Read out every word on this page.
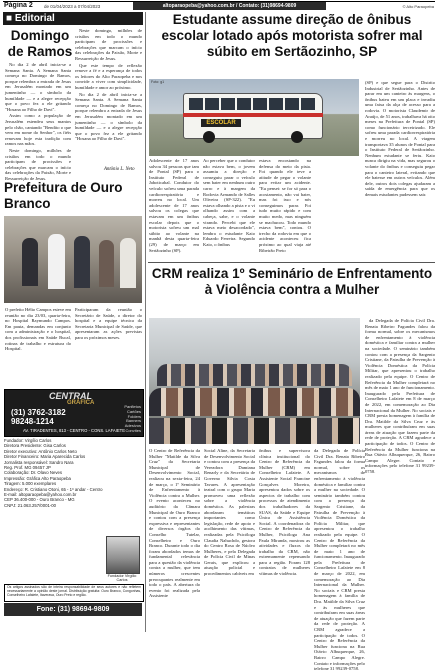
Página 2 de 01/04/2023 a 07/04/2023	altoparaopeba@yahoo.com.br / Contato: (31)98694-9809	© Alto Paraopeba
■ Editorial
Domingo de Ramos

No dia 2 de abril inicia-se a Semana Santa. A Semana Santa começa no Domingo de Ramos, porque relembra a entrada de Jesus em Jerusalém montado em um jumentinho — o símbolo da humildade — e a alegre recepção que o povo fez a ele gritando "Hosana ao Filho de Davi".

Assim como a população de Jerusalém estendeu seus mantos pelo chão, cantando "Bendito o que vem em nome do Senhor", os fiéis renovam hoje esta tradição com ramos nas mãos.

Neste domingo, milhões de cristãos em todo o mundo participam de procissões e celebrações que marcam o início das celebrações da Paixão, Morte e Ressurreição de Jesus.

Neste domingo, milhões de cristãos em todo o mundo participam de procissões e celebrações que marcam o início das celebrações da Paixão, Morte e Ressurreição de Jesus.

Que este tempo de reflexão renove a fé e a esperança de todos os leitores do Alto Paraopeba e nos convide a viver com simplicidade, humildade e amor ao próximo.

No dia 2 de abril inicia-se a Semana Santa. A Semana Santa começa no Domingo de Ramos, porque relembra a entrada de Jesus em Jerusalém montado em um jumentinho — o símbolo da humildade — e a alegre recepção que o povo fez a ele gritando "Hosana ao Filho de Davi".

Antônio L. Neto
Prefeitura de Ouro Branco
O prefeito Hélio Campos esteve em reunião no dia 23/03, quarta-feira, no Hospital Raymundo Campos. Em pauta, demandas em conjunto com a administração e o hospital, dos profissionais em Saúde Bucal, rotinas de trabalho e estrutura do Hospital.
Participaram da reunião o Secretário de Saúde, o diretor do hospital e a equipe técnica da Secretaria Municipal de Saúde, que apresentaram as ações previstas para os próximos meses.
CENTRAL
GRÁFICA
(31) 3762-3182
98248-1214
Panfletos
Cartões
Folders
Banners
Adesivos
Convites
AV. TIRADENTES, 813 - CENTRO - CONS. LAFAIETE
Fundador: Virgílio Carlos
Diretora Presidente: Gisa Carlos
Diretor executivo: Antônio Carlos Neto
Diretor Financeiro: Maria Aparecida Carlos
Jornalista responsável: Sandro Nara
Reg. Prof. MG 09457 JP
Colaboração: Dr. Olavo Neves
Impressão: Gráfica Alto Paraopeba
Tiragem: 5.000 exemplares
Endereço: R. Cristiano Otoni, 65 - 1º andar - Centro
E-mail: altoparaopeba@yahoo.com.br
CEP 36.400-000 - Ouro Branco - MG
CNPJ: 21.063.257/0001-00
Fundador Virgílio Carlos
Os artigos assinados são de inteira responsabilidade de seus autores e não refletem necessariamente a opinião deste jornal. Distribuição gratuita: Ouro Branco, Congonhas, Conselheiro Lafaiete, Itaverava, Ouro Preto e região.
Fone: (31) 98694-9809
Estudante assume direção de ônibus escolar lotado após motorista sofrer mal súbito em Sertãozinho, SP
ESCOLAR
Foto: g1
Adolescente de 17 anos salvou 34 pessoas que iam de Pontal (SP) para o Instituto Federal de Jaboticabal. Condutor do veículo sofreu uma parada cardiorrespiratória e morreu no local. Um adolescente de 17 anos salvou os colegas que estavam em um ônibus escolar depois que o motorista sofreu um mal súbito ao volante na manhã desta quarta-feira (29) de março em Sertãozinho (SP).
Ao perceber que o condutor não estava bem, o jovem assumiu a direção e conseguiu parar o veículo sem bater em nenhum outro carro e à margem da Rodovia Armando de Salles Oliveira (SP-322). "Eu estava olhando a pista e o vi olhando assim com a cabeça, sabe, e o volante virando. Percebi que ele estava meio desacordado", lembra o estudante Kaio Eduardo Ferreira. Segundo Kaio, o ônibus
estava encostando na defensa do meio da pista. Foi quando ele teve a atitude de pegar o volante para evitar um acidente. "Eu pensei: se for só para o acostamento, não vai bater, mas foi isso e nós conseguimos parar. Foi tudo muito rápido e com muito medo, mas ninguém se machucou. Todo mundo estava bem", contou. O trecho da rodovia em que o acidente aconteceu fica próximo ao qual viaja até Ribeirão Preto
(SP) e que segue para o Distrito Industrial de Sertãozinho. Antes de parar em um canteiro às margens, o ônibus bateu em um placa e invadiu uma faixa da alça de acesso para a rodovia. O motorista Claudemir de Araújo, de 51 anos, trabalhava há oito meses na Prefeitura de Pontal (SP) como funcionário terceirizado. Ele sofreu uma parada cardiorrespiratória e morreu no local. A viagem transportava 35 alunos de Pontal para o Instituto Federal de Sertãozinho. Nenhum estudante se feriu. Kaio nunca dirigiu na vida, mas segurou o volante do ônibus e conseguiu pegar para o canteiro lateral, evitando que ele batesse em outros veículos. Além dele, outros dois colegas ajudaram a saída de emergência para que os demais estudantes pudessem sair.
CRM realiza 1º Seminário de Enfrentamento à Violência contra a Mulher

da Delegada de Polícia Civil Dra. Renata Ribeiro Fagundes falou da forma normal, sobre os mecanismos de enfrentamento à violência doméstica e familiar contra a mulher na sociedade. O seminário também contou com a presença da Sargento Cristiane, da Patrulha de Prevenção à Violência Doméstica da Polícia Militar, que apresentou o trabalho realizado pela equipe. O Centro de Referência da Mulher completará no mês de maio 1 ano de funcionamento. Inaugurado pela Prefeitura de Conselheiro Lafaiete em 8 de março de 2022, em comemoração ao Dia Internacional da Mulher. No sociais e CRM presta homenagem à família de Dra. Matilde da Silva Cruz e às mulheres que contribuíram em suas áreas de atuação que fazem parte da rede de proteção. A CRM agradece a participação de todos. O Centro de Referência da Mulher funciona na Rua Otávio Albuquerque, 26, Bairro Campo Alegre. Contato e informações pelo telefone 31 99239-0758.

O Centro de Referência da Mulher "Matilde da Silva Cruz" da Secretaria Municipal de Desenvolvimento Social, realizou na sexta-feira, 24 de março, o 1º Seminário de Enfrentamento à Violência contra a Mulher. O evento aconteceu no auditório da Câmara Municipal de Ouro Branco e contou com a presença expressiva e representantes de diversos órgãos do Conselho Tutelar, Conselheiro e Ouro Branco. Durante todo o dia foram abordados temas de fundamental relevância para a questão da violência contra a mulher, que tem números crescentes preocupantes realmente em todo o país. A abertura do evento foi realizada pela Assistente
Social Aline, da Secretaria de Desenvolvimento Social e contou com a presença da Vereadora Damiana Renarly e da Secretária de Governo Silvia Costa Tavares. A apresentação teatral com o grupo Maria promoveu uma reflexão sobre a violência doméstica. As palestras abordaram temáticas importantes como legislação, rede de apoio e acolhimento das vítimas, realizadas pela Psicóloga Claudia Nahuchdo, gestora do Centro Rosa de Núcleo Mulheres, e pela Delegada de Polícia Civil de Minas Gerais, que explicou a atuação policial e procedimentos cabíveis em
ônibus e supervisora clínica institucional do Centro de Referência da Mulher (CRM) em Conselheiro Lafaiete. A Assistente Social Francine Gonçalves Moreira, apresentou dados sobre os aspectos de trabalho com processos de atendimento dos trabalhadores da SUAS, da Saúde e Equipe Única de Assistência Social. A coordenadora do Centro de Referência da Mulher, Psicóloga Ana Paula Miranda, mostrou as atividades e fluxos do trabalho da CRM, não extremamente repensando para a região. Foram 128 contratos de mulheres vítimas de violência.
da Delegada de Polícia Civil Dra. Renata Ribeiro Fagundes falou da forma normal, sobre os mecanismos de enfrentamento à violência doméstica e familiar contra a mulher na sociedade. O seminário também contou com a presença da Sargento Cristiane, da Patrulha de Prevenção à Violência Doméstica da Polícia Militar, que apresentou o trabalho realizado pela equipe. O Centro de Referência da Mulher completará no mês de maio 1 ano de funcionamento. Inaugurado pela Prefeitura de Conselheiro Lafaiete em 8 de março de 2022, em comemoração ao Dia Internacional da Mulher. No sociais e CRM presta homenagem à família de Dra. Matilde da Silva Cruz e às mulheres que contribuíram em suas áreas de atuação que fazem parte da rede de proteção. A CRM agradece a participação de todos. O Centro de Referência da Mulher funciona na Rua Otávio Albuquerque, 26, Bairro Campo Alegre. Contato e informações pelo telefone 31 99239-0758.
